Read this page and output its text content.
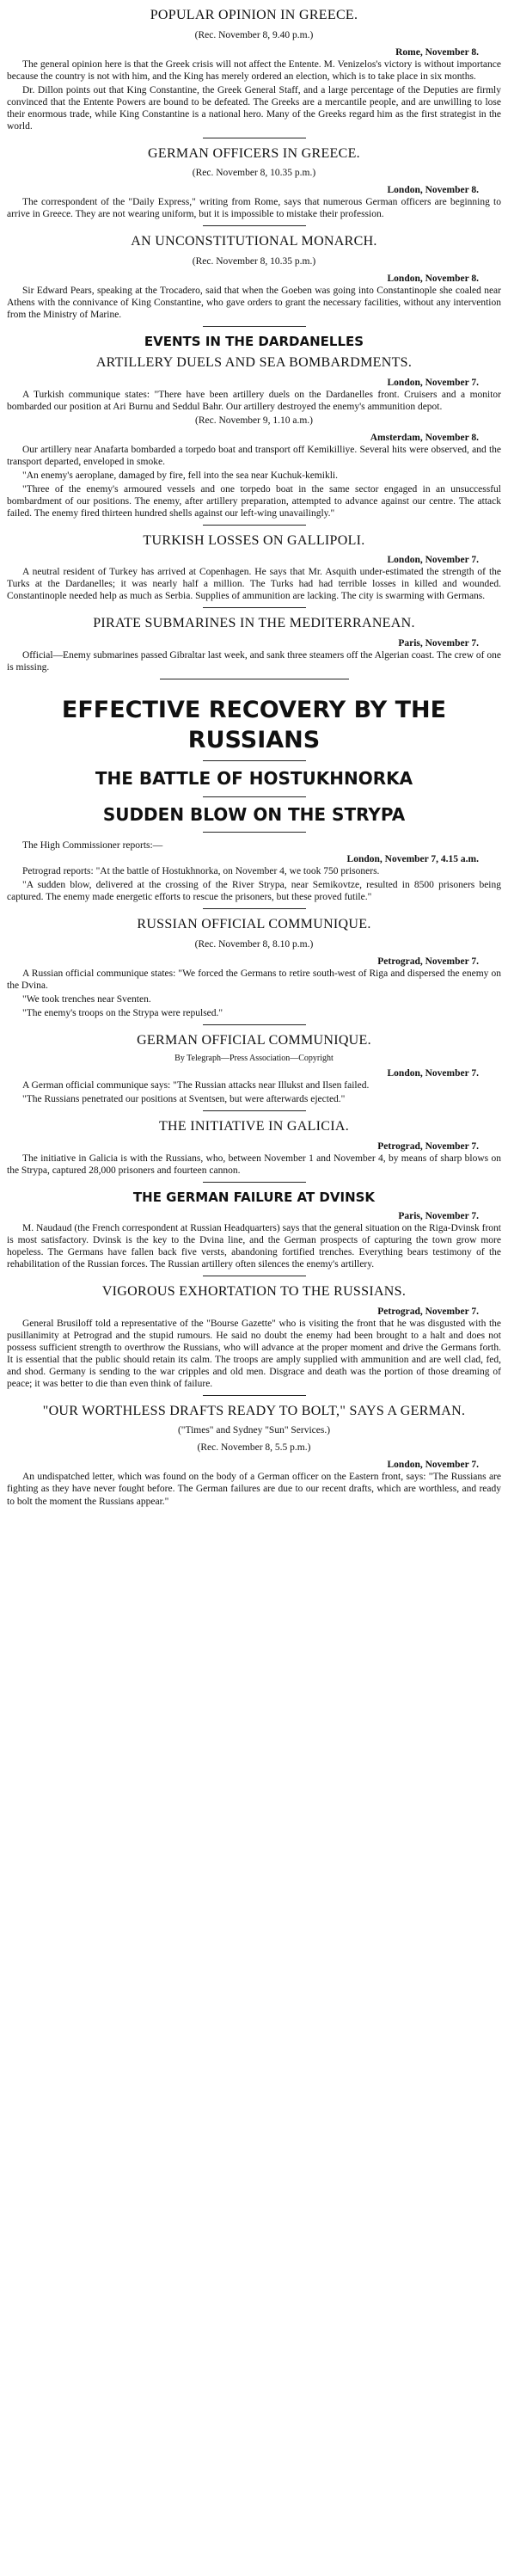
POPULAR OPINION IN GREECE.
(Rec. November 8, 9.40 p.m.)
Rome, November 8.

The general opinion here is that the Greek crisis will not affect the Entente. M. Venizelos's victory is without importance because the country is not with him, and the King has merely ordered an election, which is to take place in six months.

Dr. Dillon points out that King Constantine, the Greek General Staff, and a large percentage of the Deputies are firmly convinced that the Entente Powers are bound to be defeated. The Greeks are a mercantile people, and are unwilling to lose their enormous trade, while King Constantine is a national hero. Many of the Greeks regard him as the first strategist in the world.

GERMAN OFFICERS IN GREECE.
(Rec. November 8, 10.35 p.m.)
London, November 8.

The correspondent of the "Daily Express," writing from Rome, says that numerous German officers are beginning to arrive in Greece. They are not wearing uniform, but it is impossible to mistake their profession.

AN UNCONSTITUTIONAL MONARCH.
(Rec. November 8, 10.35 p.m.)
London, November 8.

Sir Edward Pears, speaking at the Trocadero, said that when the Goeben was going into Constantinople she coaled near Athens with the connivance of King Constantine, who gave orders to grant the necessary facilities, without any intervention from the Ministry of Marine.

EVENTS IN THE DARDANELLES
ARTILLERY DUELS AND SEA BOMBARDMENTS.
London, November 7.

A Turkish communique states: "There have been artillery duels on the Dardanelles front. Cruisers and a monitor bombarded our position at Ari Burnu and Seddul Bahr. Our artillery destroyed the enemy's ammunition depot.

(Rec. November 9, 1.10 a.m.)
Amsterdam, November 8.

Our artillery near Anafarta bombarded a torpedo boat and transport off Kemikilliye. Several hits were observed, and the transport departed, enveloped in smoke.

"An enemy's aeroplane, damaged by fire, fell into the sea near Kuchuk-kemikli.

"Three of the enemy's armoured vessels and one torpedo boat in the same sector engaged in an unsuccessful bombardment of our positions. The enemy, after artillery preparation, attempted to advance against our centre. The attack failed. The enemy fired thirteen hundred shells against our left-wing unavailingly."

TURKISH LOSSES ON GALLIPOLI.
London, November 7.

A neutral resident of Turkey has arrived at Copenhagen. He says that Mr. Asquith under-estimated the strength of the Turks at the Dardanelles; it was nearly half a million. The Turks had had terrible losses in killed and wounded. Constantinople needed help as much as Serbia. Supplies of ammunition are lacking. The city is swarming with Germans.

PIRATE SUBMARINES IN THE MEDITERRANEAN.
Paris, November 7.

Official—Enemy submarines passed Gibraltar last week, and sank three steamers off the Algerian coast. The crew of one is missing.

EFFECTIVE RECOVERY BY THE RUSSIANS
THE BATTLE OF HOSTUKHNORKA
SUDDEN BLOW ON THE STRYPA

The High Commissioner reports:—

London, November 7, 4.15 a.m.

Petrograd reports: "At the battle of Hostukhnorka, on November 4, we took 750 prisoners.

"A sudden blow, delivered at the crossing of the River Strypa, near Semikovtze, resulted in 8500 prisoners being captured. The enemy made energetic efforts to rescue the prisoners, but these proved futile."

RUSSIAN OFFICIAL COMMUNIQUE.
(Rec. November 8, 8.10 p.m.)
Petrograd, November 7.

A Russian official communique states: "We forced the Germans to retire south-west of Riga and dispersed the enemy on the Dvina.

"We took trenches near Sventen.

"The enemy's troops on the Strypa were repulsed."

GERMAN OFFICIAL COMMUNIQUE.
By Telegraph—Press Association—Copyright
London, November 7.

A German official communique says: "The Russian attacks near Illukst and Ilsen failed.

"The Russians penetrated our positions at Sventsen, but were afterwards ejected."

THE INITIATIVE IN GALICIA.
Petrograd, November 7.

The initiative in Galicia is with the Russians, who, between November 1 and November 4, by means of sharp blows on the Strypa, captured 28,000 prisoners and fourteen cannon.

THE GERMAN FAILURE AT DVINSK
Paris, November 7.

M. Naudaud (the French correspondent at Russian Headquarters) says that the general situation on the Riga-Dvinsk front is most satisfactory. Dvinsk is the key to the Dvina line, and the German prospects of capturing the town grow more hopeless. The Germans have fallen back five versts, abandoning fortified trenches. Everything bears testimony of the rehabilitation of the Russian forces. The Russian artillery often silences the enemy's artillery.

VIGOROUS EXHORTATION TO THE RUSSIANS.
Petrograd, November 7.

General Brusiloff told a representative of the "Bourse Gazette" who is visiting the front that he was disgusted with the pusillanimity at Petrograd and the stupid rumours. He said no doubt the enemy had been brought to a halt and does not possess sufficient strength to overthrow the Russians, who will advance at the proper moment and drive the Germans forth. It is essential that the public should retain its calm. The troops are amply supplied with ammunition and are well clad, fed, and shod. Germany is sending to the war cripples and old men. Disgrace and death was the portion of those dreaming of peace; it was better to die than even think of failure.

"OUR WORTHLESS DRAFTS READY TO BOLT," SAYS A GERMAN.
("Times" and Sydney "Sun" Services.)
(Rec. November 8, 5.5 p.m.)
London, November 7.

An undispatched letter, which was found on the body of a German officer on the Eastern front, says: "The Russians are fighting as they have never fought before. The German failures are due to our recent drafts, which are worthless, and ready to bolt the moment the Russians appear."
